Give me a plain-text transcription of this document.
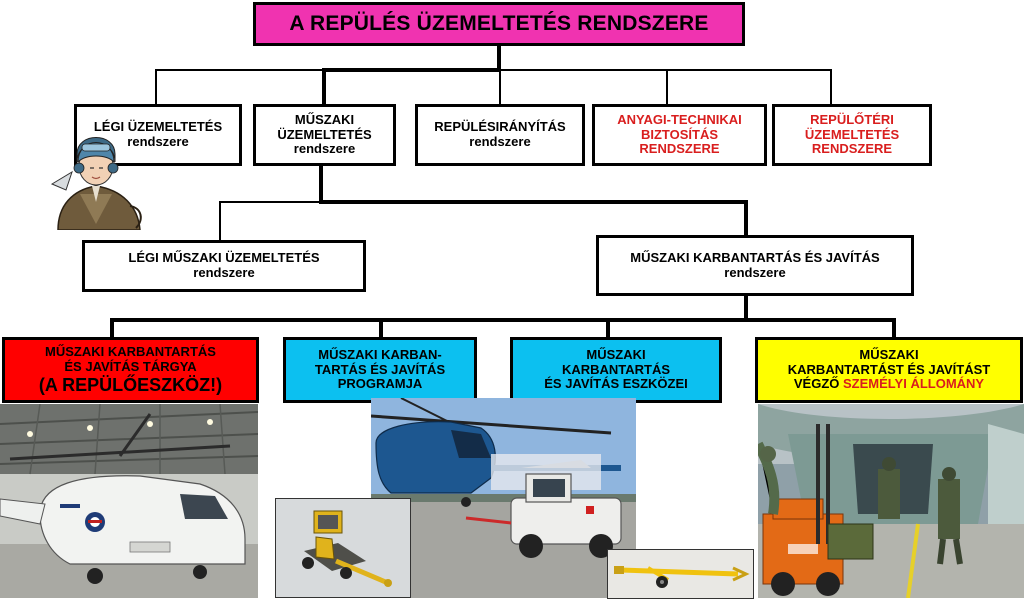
A REPÜLÉS ÜZEMELTETÉS RENDSZERE
LÉGI ÜZEMELTETÉS
rendszere
MŰSZAKI
ÜZEMELTETÉS
rendszere
REPÜLÉSIRÁNYÍTÁS
rendszere
ANYAGI-TECHNIKAI
BIZTOSÍTÁS
RENDSZERE
REPÜLŐTÉRI
ÜZEMELTETÉS
RENDSZERE
LÉGI MŰSZAKI ÜZEMELTETÉS
rendszere
MŰSZAKI KARBANTARTÁS ÉS JAVÍTÁS
rendszere
MŰSZAKI KARBANTARTÁS
ÉS JAVÍTÁS TÁRGYA
(A REPÜLŐESZKÖZ!)
MŰSZAKI KARBAN-
TARTÁS ÉS JAVÍTÁS
PROGRAMJA
MŰSZAKI
KARBANTARTÁS
ÉS JAVÍTÁS ESZKÖZEI
MŰSZAKI
KARBANTARTÁST ÉS JAVÍTÁST
VÉGZŐ SZEMÉLYI ÁLLOMÁNY
